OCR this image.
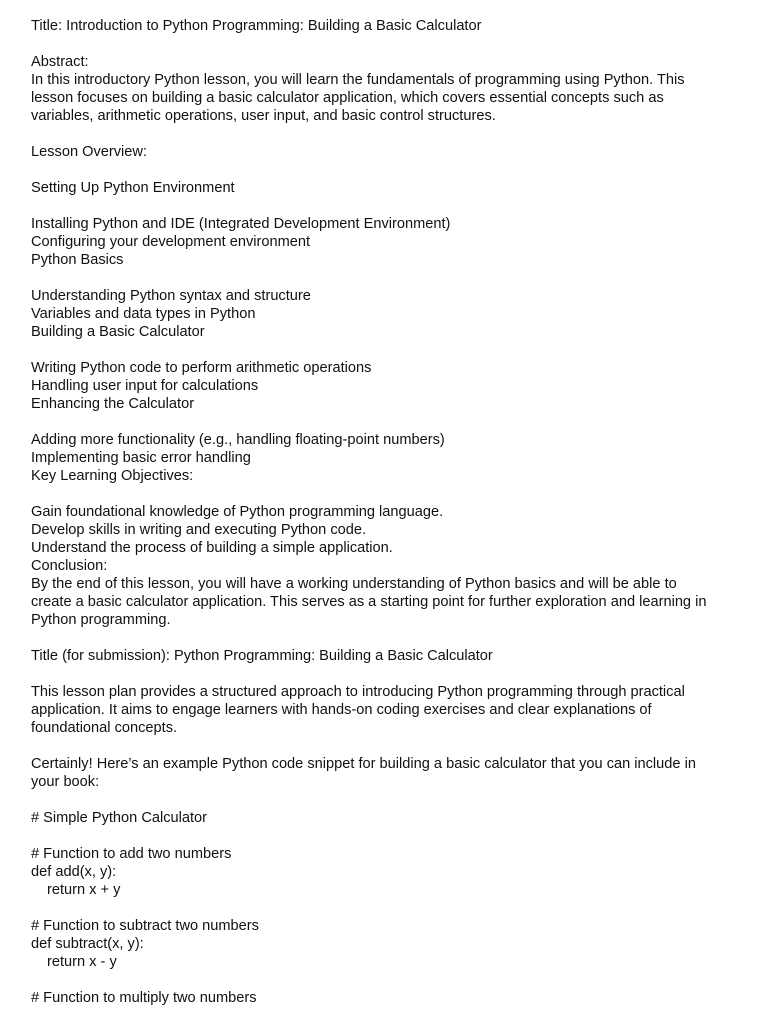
Title: Introduction to Python Programming: Building a Basic Calculator
Abstract:
In this introductory Python lesson, you will learn the fundamentals of programming using Python. This
lesson focuses on building a basic calculator application, which covers essential concepts such as
variables, arithmetic operations, user input, and basic control structures.
Lesson Overview:
Setting Up Python Environment
Installing Python and IDE (Integrated Development Environment)
Configuring your development environment
Python Basics
Understanding Python syntax and structure
Variables and data types in Python
Building a Basic Calculator
Writing Python code to perform arithmetic operations
Handling user input for calculations
Enhancing the Calculator
Adding more functionality (e.g., handling floating-point numbers)
Implementing basic error handling
Key Learning Objectives:
Gain foundational knowledge of Python programming language.
Develop skills in writing and executing Python code.
Understand the process of building a simple application.
Conclusion:
By the end of this lesson, you will have a working understanding of Python basics and will be able to
create a basic calculator application. This serves as a starting point for further exploration and learning in
Python programming.
Title (for submission): Python Programming: Building a Basic Calculator
This lesson plan provides a structured approach to introducing Python programming through practical
application. It aims to engage learners with hands-on coding exercises and clear explanations of
foundational concepts.
Certainly! Here’s an example Python code snippet for building a basic calculator that you can include in
your book:
# Simple Python Calculator
# Function to add two numbers
def add(x, y):
return x + y
# Function to subtract two numbers
def subtract(x, y):
return x - y
# Function to multiply two numbers
